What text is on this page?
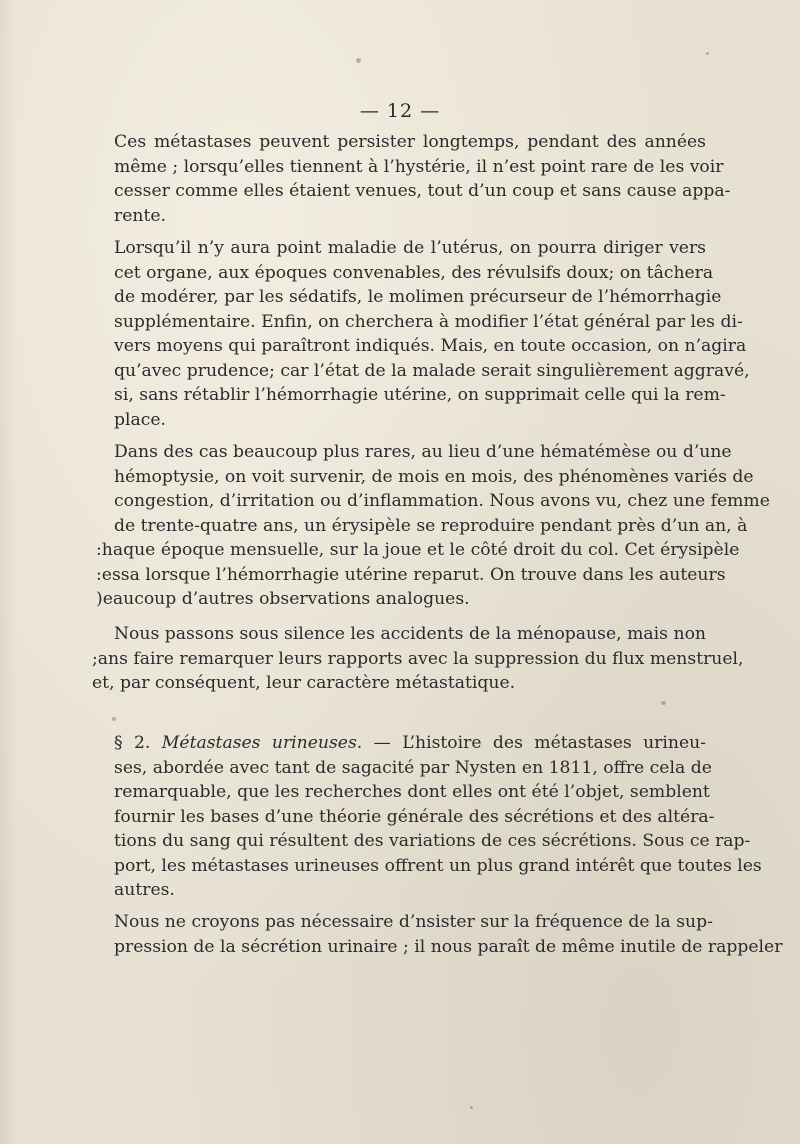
— 12 —
Ces métastases peuvent persister longtemps, pendant des années
même ; lorsqu’elles tiennent à l’hystérie, il n’est point rare de les voir
cesser comme elles étaient venues, tout d’un coup et sans cause appa-
rente.
Lorsqu’il n’y aura point maladie de l’utérus, on pourra diriger vers
cet organe, aux époques convenables, des révulsifs doux; on tâchera
de modérer, par les sédatifs, le molimen précurseur de l’hémorrhagie
supplémentaire. Enfin, on cherchera à modifier l’état général par les di-
vers moyens qui paraîtront indiqués. Mais, en toute occasion, on n’agira
qu’avec prudence; car l’état de la malade serait singulièrement aggravé,
si, sans rétablir l’hémorrhagie utérine, on supprimait celle qui la rem-
place.
Dans des cas beaucoup plus rares, au lieu d’une hématémèse ou d’une
hémoptysie, on voit survenir, de mois en mois, des phénomènes variés de
congestion, d’irritation ou d’inflammation. Nous avons vu, chez une femme
de trente-quatre ans, un érysipèle se reproduire pendant près d’un an, à
:haque époque mensuelle, sur la joue et le côté droit du col. Cet érysipèle
:essa lorsque l’hémorrhagie utérine reparut. On trouve dans les auteurs
)eaucoup d’autres observations analogues.
Nous passons sous silence les accidents de la ménopause, mais non
;ans faire remarquer leurs rapports avec la suppression du flux menstruel,
et, par conséquent, leur caractère métastatique.
§ 2. Métastases urineuses. — L’histoire des métastases urineu-
ses, abordée avec tant de sagacité par Nysten en 1811, offre cela de
remarquable, que les recherches dont elles ont été l’objet, semblent
fournir les bases d’une théorie générale des sécrétions et des altéra-
tions du sang qui résultent des variations de ces sécrétions. Sous ce rap-
port, les métastases urineuses offrent un plus grand intérêt que toutes les
autres.
Nous ne croyons pas nécessaire d’nsister sur la fréquence de la sup-
pression de la sécrétion urinaire ; il nous paraît de même inutile de rappeler
